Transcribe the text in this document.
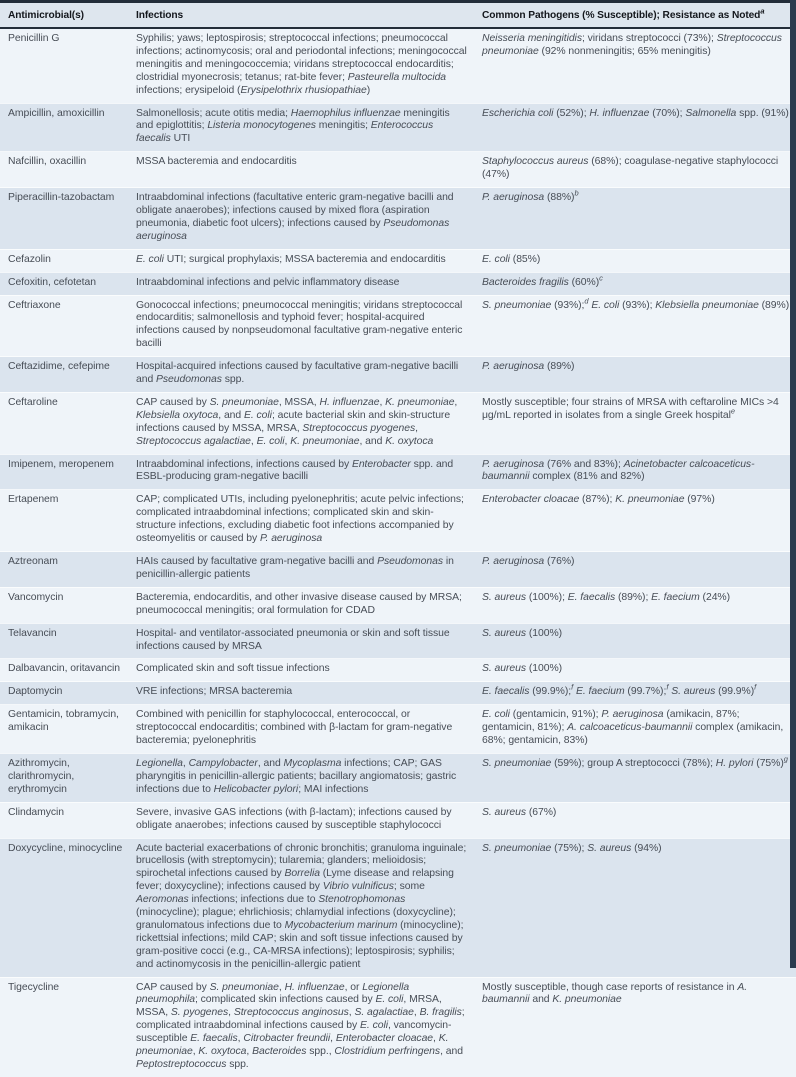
Antimicrobial(s)	Infections	Common Pathogens (% Susceptible); Resistance as Noted$^a$
Penicillin G	Syphilis; yaws; leptospirosis; streptococcal infections; pneumococcal infections; actinomycosis; oral and periodontal infections; meningococcal meningitis and meningococcemia; viridans streptococcal endocarditis; clostridial myonecrosis; tetanus; rat-bite fever; Pasteurella multocida infections; erysipeloid (Erysipelothrix rhusiopathiae)	Neisseria meningitidis; viridans streptococci (73%); Streptococcus pneumoniae (92% nonmeningitis; 65% meningitis)
Ampicillin, amoxicillin	Salmonellosis; acute otitis media; Haemophilus influenzae meningitis and epiglottitis; Listeria monocytogenes meningitis; Enterococcus faecalis UTI	Escherichia coli (52%); H. influenzae (70%); Salmonella spp. (91%)
Nafcillin, oxacillin	MSSA bacteremia and endocarditis	Staphylococcus aureus (68%); coagulase-negative staphylococci (47%)
Piperacillin-tazobactam	Intraabdominal infections (facultative enteric gram-negative bacilli and obligate anaerobes); infections caused by mixed flora (aspiration pneumonia, diabetic foot ulcers); infections caused by Pseudomonas aeruginosa	P. aeruginosa $(88\%)^b$
Cefazolin	E. coli UTI; surgical prophylaxis; MSSA bacteremia and endocarditis	E. coli (85%)
Cefoxitin, cefotetan	Intraabdominal infections and pelvic inflammatory disease	Bacteroides fragilis $(60\%)^c$
Ceftriaxone	Gonococcal infections; pneumococcal meningitis; viridans streptococcal endocarditis; salmonellosis and typhoid fever; hospital-acquired infections caused by nonpseudomonal facultative gram-negative enteric bacilli	S. pneumoniae (93%);$^d$ E. coli (93%); Klebsiella pneumoniae (89%)
Ceftazidime, cefepime	Hospital-acquired infections caused by facultative gram-negative bacilli and Pseudomonas spp.	P. aeruginosa (89%)
Ceftaroline	CAP caused by S. pneumoniae, MSSA, H. influenzae, K. pneumoniae, Klebsiella oxytoca, and E. coli; acute bacterial skin and skin-structure infections caused by MSSA, MRSA, Streptococcus pyogenes, Streptococcus agalactiae, E. coli, K. pneumoniae, and K. oxytoca	Mostly susceptible; four strains of MRSA with ceftaroline MICs >4 μg/mL reported in isolates from a single Greek hospital$^e$
Imipenem, meropenem	Intraabdominal infections, infections caused by Enterobacter spp. and ESBL-producing gram-negative bacilli	P. aeruginosa (76% and 83%); Acinetobacter calcoaceticus-baumannii complex (81% and 82%)
Ertapenem	CAP; complicated UTIs, including pyelonephritis; acute pelvic infections; complicated intraabdominal infections; complicated skin and skin-structure infections, excluding diabetic foot infections accompanied by osteomyelitis or caused by P. aeruginosa	Enterobacter cloacae (87%); K. pneumoniae (97%)
Aztreonam	HAIs caused by facultative gram-negative bacilli and Pseudomonas in penicillin-allergic patients	P. aeruginosa (76%)
Vancomycin	Bacteremia, endocarditis, and other invasive disease caused by MRSA; pneumococcal meningitis; oral formulation for CDAD	S. aureus (100%); E. faecalis (89%); E. faecium (24%)
Telavancin	Hospital- and ventilator-associated pneumonia or skin and soft tissue infections caused by MRSA	S. aureus (100%)
Dalbavancin, oritavancin	Complicated skin and soft tissue infections	S. aureus (100%)
Daptomycin	VRE infections; MRSA bacteremia	E. faecalis (99.9%);$^f$ E. faecium (99.7%);$^f$ S. aureus $(99.9\%)^f$
Gentamicin, tobramycin, amikacin	Combined with penicillin for staphylococcal, enterococcal, or streptococcal endocarditis; combined with β-lactam for gram-negative bacteremia; pyelonephritis	E. coli (gentamicin, 91%); P. aeruginosa (amikacin, 87%; gentamicin, 81%); A. calcoaceticus-baumannii complex (amikacin, 68%; gentamicin, 83%)
Azithromycin, clarithromycin, erythromycin	Legionella, Campylobacter, and Mycoplasma infections; CAP; GAS pharyngitis in penicillin-allergic patients; bacillary angiomatosis; gastric infections due to Helicobacter pylori; MAI infections	S. pneumoniae (59%); group A streptococci (78%); H. pylori $(75\%)^g$
Clindamycin	Severe, invasive GAS infections (with β-lactam); infections caused by obligate anaerobes; infections caused by susceptible staphylococci	S. aureus (67%)
Doxycycline, minocycline	Acute bacterial exacerbations of chronic bronchitis; granuloma inguinale; brucellosis (with streptomycin); tularemia; glanders; melioidosis; spirochetal infections caused by Borrelia (Lyme disease and relapsing fever; doxycycline); infections caused by Vibrio vulnificus; some Aeromonas infections; infections due to Stenotrophomonas (minocycline); plague; ehrlichiosis; chlamydial infections (doxycycline); granulomatous infections due to Mycobacterium marinum (minocycline); rickettsial infections; mild CAP; skin and soft tissue infections caused by gram-positive cocci (e.g., CA-MRSA infections); leptospirosis; syphilis; and actinomycosis in the penicillin-allergic patient	S. pneumoniae (75%); S. aureus (94%)
Tigecycline	CAP caused by S. pneumoniae, H. influenzae, or Legionella pneumophila; complicated skin infections caused by E. coli, MRSA, MSSA, S. pyogenes, Streptococcus anginosus, S. agalactiae, B. fragilis; complicated intraabdominal infections caused by E. coli, vancomycin-susceptible E. faecalis, Citrobacter freundii, Enterobacter cloacae, K. pneumoniae, K. oxytoca, Bacteroides spp., Clostridium perfringens, and Peptostreptococcus spp.	Mostly susceptible, though case reports of resistance in A. baumannii and K. pneumoniae
